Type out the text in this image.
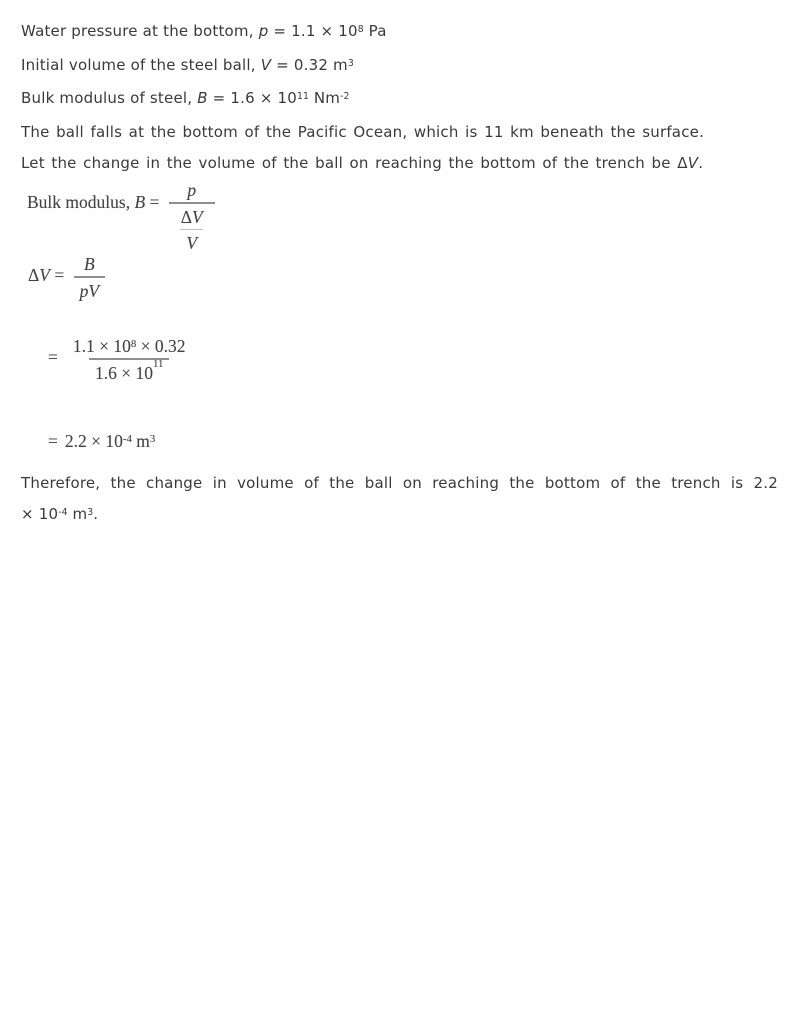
Water pressure at the bottom, $p = 1.1 \times 10^8$ Pa

Initial volume of the steel ball, V = 0.32 $m^3$

Bulk modulus of steel, $B = 1.6 \times 10^{11}$ $Nm^{-2}$

The ball falls at the bottom of the Pacific Ocean, which is 11 km beneath the surface.

Let the change in the volume of the ball on reaching the bottom of the trench be ΔV.

Bulk modulus, $B = \frac{p}{\frac{\Delta V}{V}}$
$\Delta V = \frac{B}{\text{p V}}$
= $\frac{1.1 \times 10^8 \times 0.32}{1.6 \times 10 11}$
= $2.2 \times 10^{-4}$ $m^3$
Therefore, the change in volume of the ball on reaching the bottom of the trench is 2.2
× $10^{-4}$ $m^3$.
